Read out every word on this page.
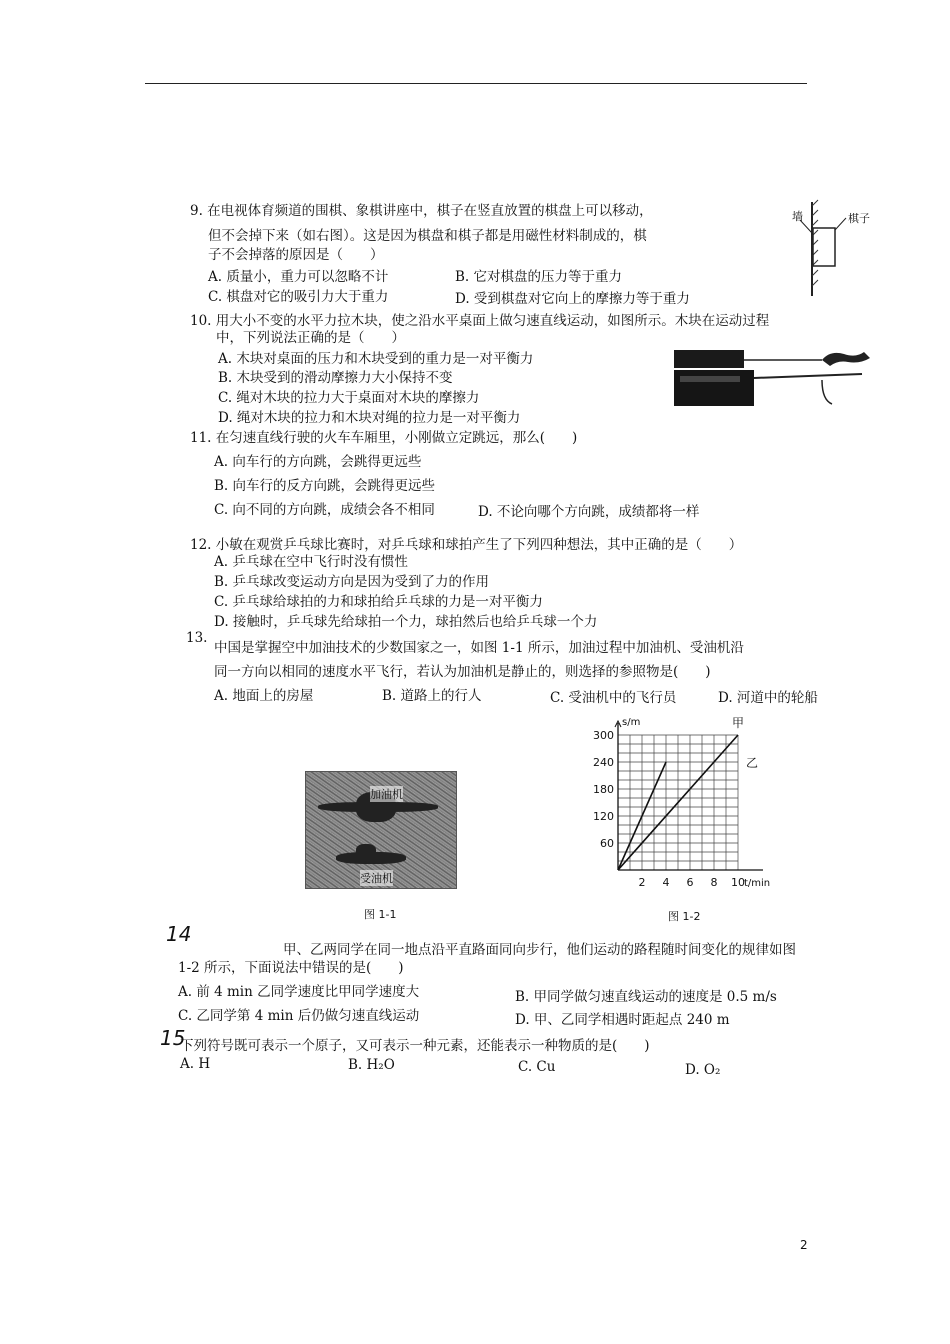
9. 在电视体育频道的围棋、象棋讲座中，棋子在竖直放置的棋盘上可以移动，
但不会掉下来（如右图）。这是因为棋盘和棋子都是用磁性材料制成的，棋
子不会掉落的原因是（　　）
A. 质量小，重力可以忽略不计	B. 它对棋盘的压力等于重力
C. 棋盘对它的吸引力大于重力	D. 受到棋盘对它向上的摩擦力等于重力
墙	棋子
10. 用大小不变的水平力拉木块，使之沿水平桌面上做匀速直线运动，如图所示。木块在运动过程
中，下列说法正确的是（　　）
A. 木块对桌面的压力和木块受到的重力是一对平衡力
B. 木块受到的滑动摩擦力大小保持不变
C. 绳对木块的拉力大于桌面对木块的摩擦力
D. 绳对木块的拉力和木块对绳的拉力是一对平衡力
11. 在匀速直线行驶的火车车厢里，小刚做立定跳远，那么(　　)
A. 向车行的方向跳，会跳得更远些
B. 向车行的反方向跳，会跳得更远些
C. 向不同的方向跳，成绩会各不相同	D. 不论向哪个方向跳，成绩都将一样
12. 小敏在观赏乒乓球比赛时，对乒乓球和球拍产生了下列四种想法，其中正确的是（　　）
A. 乒乓球在空中飞行时没有惯性
B. 乒乓球改变运动方向是因为受到了力的作用
C. 乒乓球给球拍的力和球拍给乒乓球的力是一对平衡力
D. 接触时，乒乓球先给球拍一个力，球拍然后也给乒乓球一个力
13.
中国是掌握空中加油技术的少数国家之一，如图 1-1 所示，加油过程中加油机、受油机沿
同一方向以相同的速度水平飞行，若认为加油机是静止的，则选择的参照物是(　　)
A. 地面上的房屋	B. 道路上的行人	C. 受油机中的飞行员	D. 河道中的轮船
加油机
受油机
图 1-1
60
120
180
240
300
2 4 6 8 10
s/m
t/min
甲
乙
图 1-2
14
甲、乙两同学在同一地点沿平直路面同向步行，他们运动的路程随时间变化的规律如图
1-2 所示，下面说法中错误的是(　　)
A. 前 4 min 乙同学速度比甲同学速度大	B. 甲同学做匀速直线运动的速度是 0.5 m/s
C. 乙同学第 4 min 后仍做匀速直线运动	D. 甲、乙同学相遇时距起点 240 m
15
下列符号既可表示一个原子，又可表示一种元素，还能表示一种物质的是(　　)
A. H	B. H₂O	C. Cu	D. O₂
2
